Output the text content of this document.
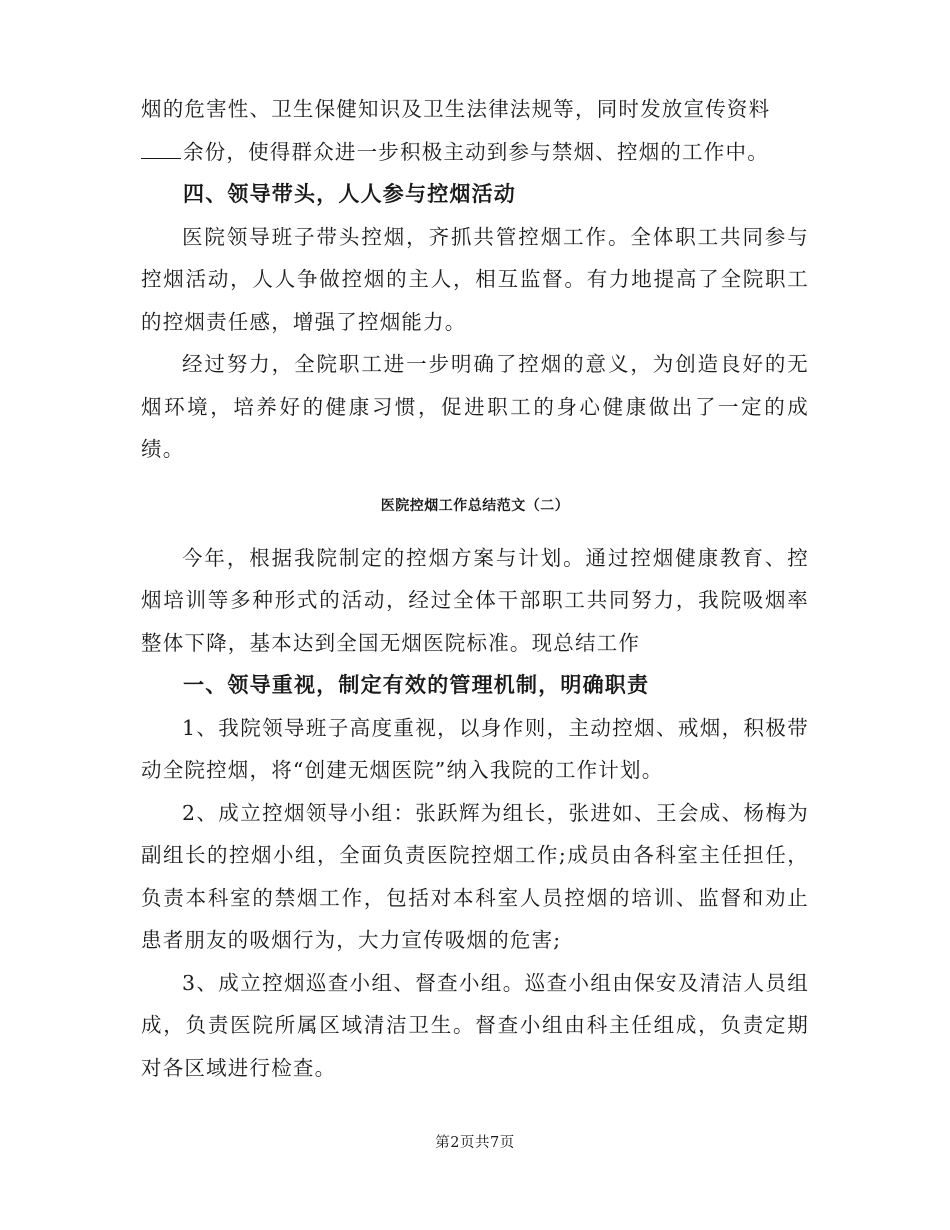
烟的危害性、卫生保健知识及卫生法律法规等，同时发放宣传资料
余份，使得群众进一步积极主动到参与禁烟、控烟的工作中。

四、领导带头，人人参与控烟活动

医院领导班子带头控烟，齐抓共管控烟工作。全体职工共同参与控烟活动，人人争做控烟的主人，相互监督。有力地提高了全院职工的控烟责任感，增强了控烟能力。

经过努力，全院职工进一步明确了控烟的意义，为创造良好的无烟环境，培养好的健康习惯，促进职工的身心健康做出了一定的成绩。

医院控烟工作总结范文（二）

今年，根据我院制定的控烟方案与计划。通过控烟健康教育、控烟培训等多种形式的活动，经过全体干部职工共同努力，我院吸烟率整体下降，基本达到全国无烟医院标准。现总结工作

一、领导重视，制定有效的管理机制，明确职责

1、我院领导班子高度重视，以身作则，主动控烟、戒烟，积极带动全院控烟，将“创建无烟医院”纳入我院的工作计划。

2、成立控烟领导小组：张跃辉为组长，张进如、王会成、杨梅为副组长的控烟小组，全面负责医院控烟工作;成员由各科室主任担任，负责本科室的禁烟工作，包括对本科室人员控烟的培训、监督和劝止患者朋友的吸烟行为，大力宣传吸烟的危害;

3、成立控烟巡查小组、督查小组。巡查小组由保安及清洁人员组成，负责医院所属区域清洁卫生。督查小组由科主任组成，负责定期对各区域进行检查。

第2页共7页
